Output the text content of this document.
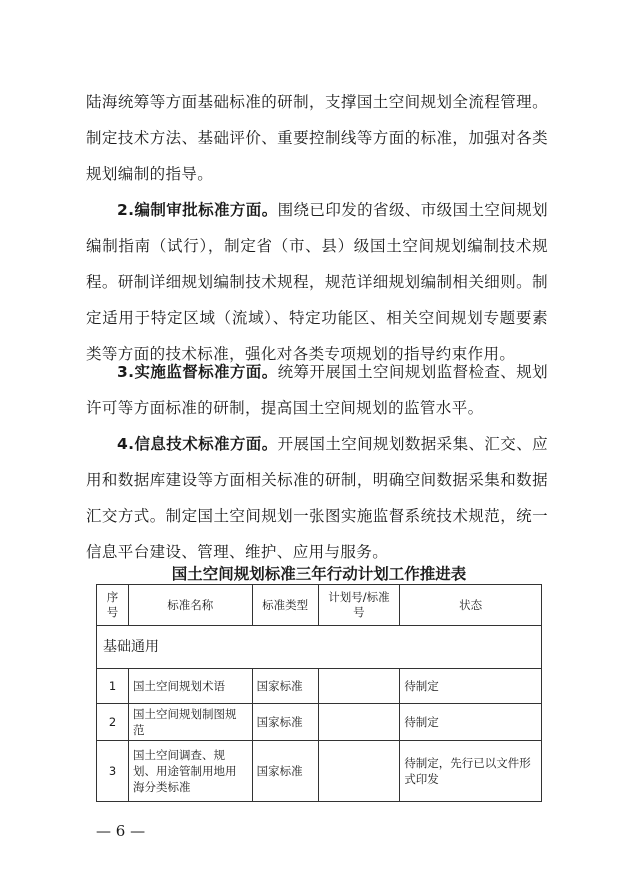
陆海统筹等方面基础标准的研制，支撑国土空间规划全流程管理。制定技术方法、基础评价、重要控制线等方面的标准，加强对各类规划编制的指导。

2.编制审批标准方面。围绕已印发的省级、市级国土空间规划编制指南（试行），制定省（市、县）级国土空间规划编制技术规程。研制详细规划编制技术规程，规范详细规划编制相关细则。制定适用于特定区域（流域）、特定功能区、相关空间规划专题要素类等方面的技术标准，强化对各类专项规划的指导约束作用。

3.实施监督标准方面。统筹开展国土空间规划监督检查、规划许可等方面标准的研制，提高国土空间规划的监管水平。

4.信息技术标准方面。开展国土空间规划数据采集、汇交、应用和数据库建设等方面相关标准的研制，明确空间数据采集和数据汇交方式。制定国土空间规划一张图实施监督系统技术规范，统一信息平台建设、管理、维护、应用与服务。

国土空间规划标准三年行动计划工作推进表
序号	标准名称	标准类型	计划号/标准号	状态
基础通用				
1	国土空间规划术语	国家标准		待制定
2	国土空间规划制图规范	国家标准		待制定
3	国土空间调查、规划、用途管制用地用海分类标准	国家标准		待制定，先行已以文件形式印发
— 6 —
